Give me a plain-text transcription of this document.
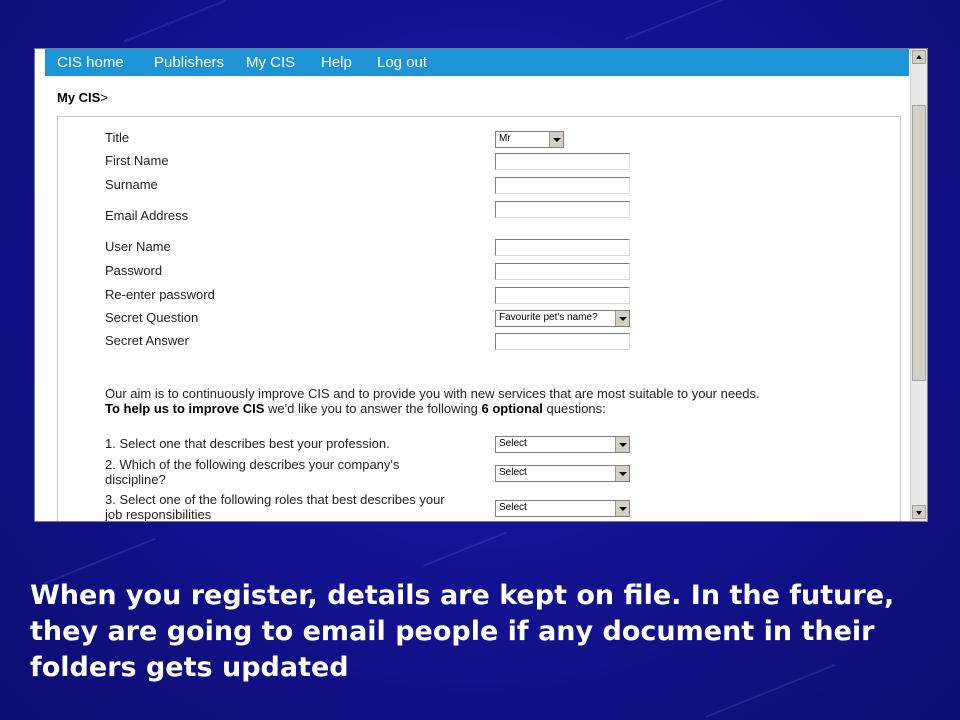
CIS home Publishers My CIS Help Log out
My CIS>
Title	Mr
First Name
Surname
Email Address
User Name
Password
Re-enter password
Secret Question	Favourite pet's name?
Secret Answer
Our aim is to continuously improve CIS and to provide you with new services that are most suitable to your needs.
To help us to improve CIS we'd like you to answer the following 6 optional questions:
1. Select one that describes best your profession.	Select
2. Which of the following describes your company's
discipline?	Select
3. Select one of the following roles that best describes your
job responsibilities	Select
When you register, details are kept on file. In the future, they are going to email people if any document in their folders gets updated
